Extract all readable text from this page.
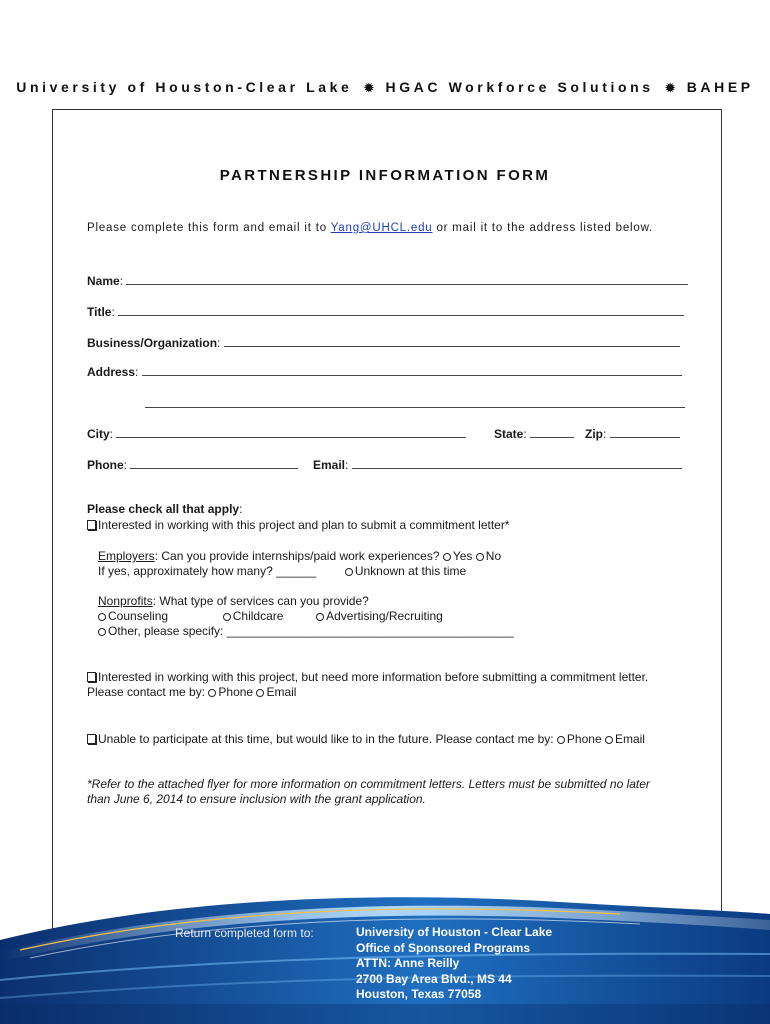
University of Houston-Clear Lake ✹ HGAC Workforce Solutions ✹ BAHEP
PARTNERSHIP INFORMATION FORM
Please complete this form and email it to Yang@UHCL.edu or mail it to the address listed below.
Name:
Title:
Business/Organization:
Address:
City:	State:	Zip:
Phone:	Email:
Please check all that apply:
Interested in working with this project and plan to submit a commitment letter*
Employers: Can you provide internships/paid work experiences? Yes No
If yes, approximately how many? ______	Unknown at this time
Nonprofits: What type of services can you provide?
Counseling	Childcare	Advertising/Recruiting
Other, please specify: ___________________________________________
Interested in working with this project, but need more information before submitting a commitment letter.
Please contact me by: Phone Email
Unable to participate at this time, but would like to in the future. Please contact me by: Phone Email
*Refer to the attached flyer for more information on commitment letters. Letters must be submitted no later
than June 6, 2014 to ensure inclusion with the grant application.
Return completed form to:	University of Houston - Clear Lake
Office of Sponsored Programs
ATTN: Anne Reilly
2700 Bay Area Blvd., MS 44
Houston, Texas 77058
